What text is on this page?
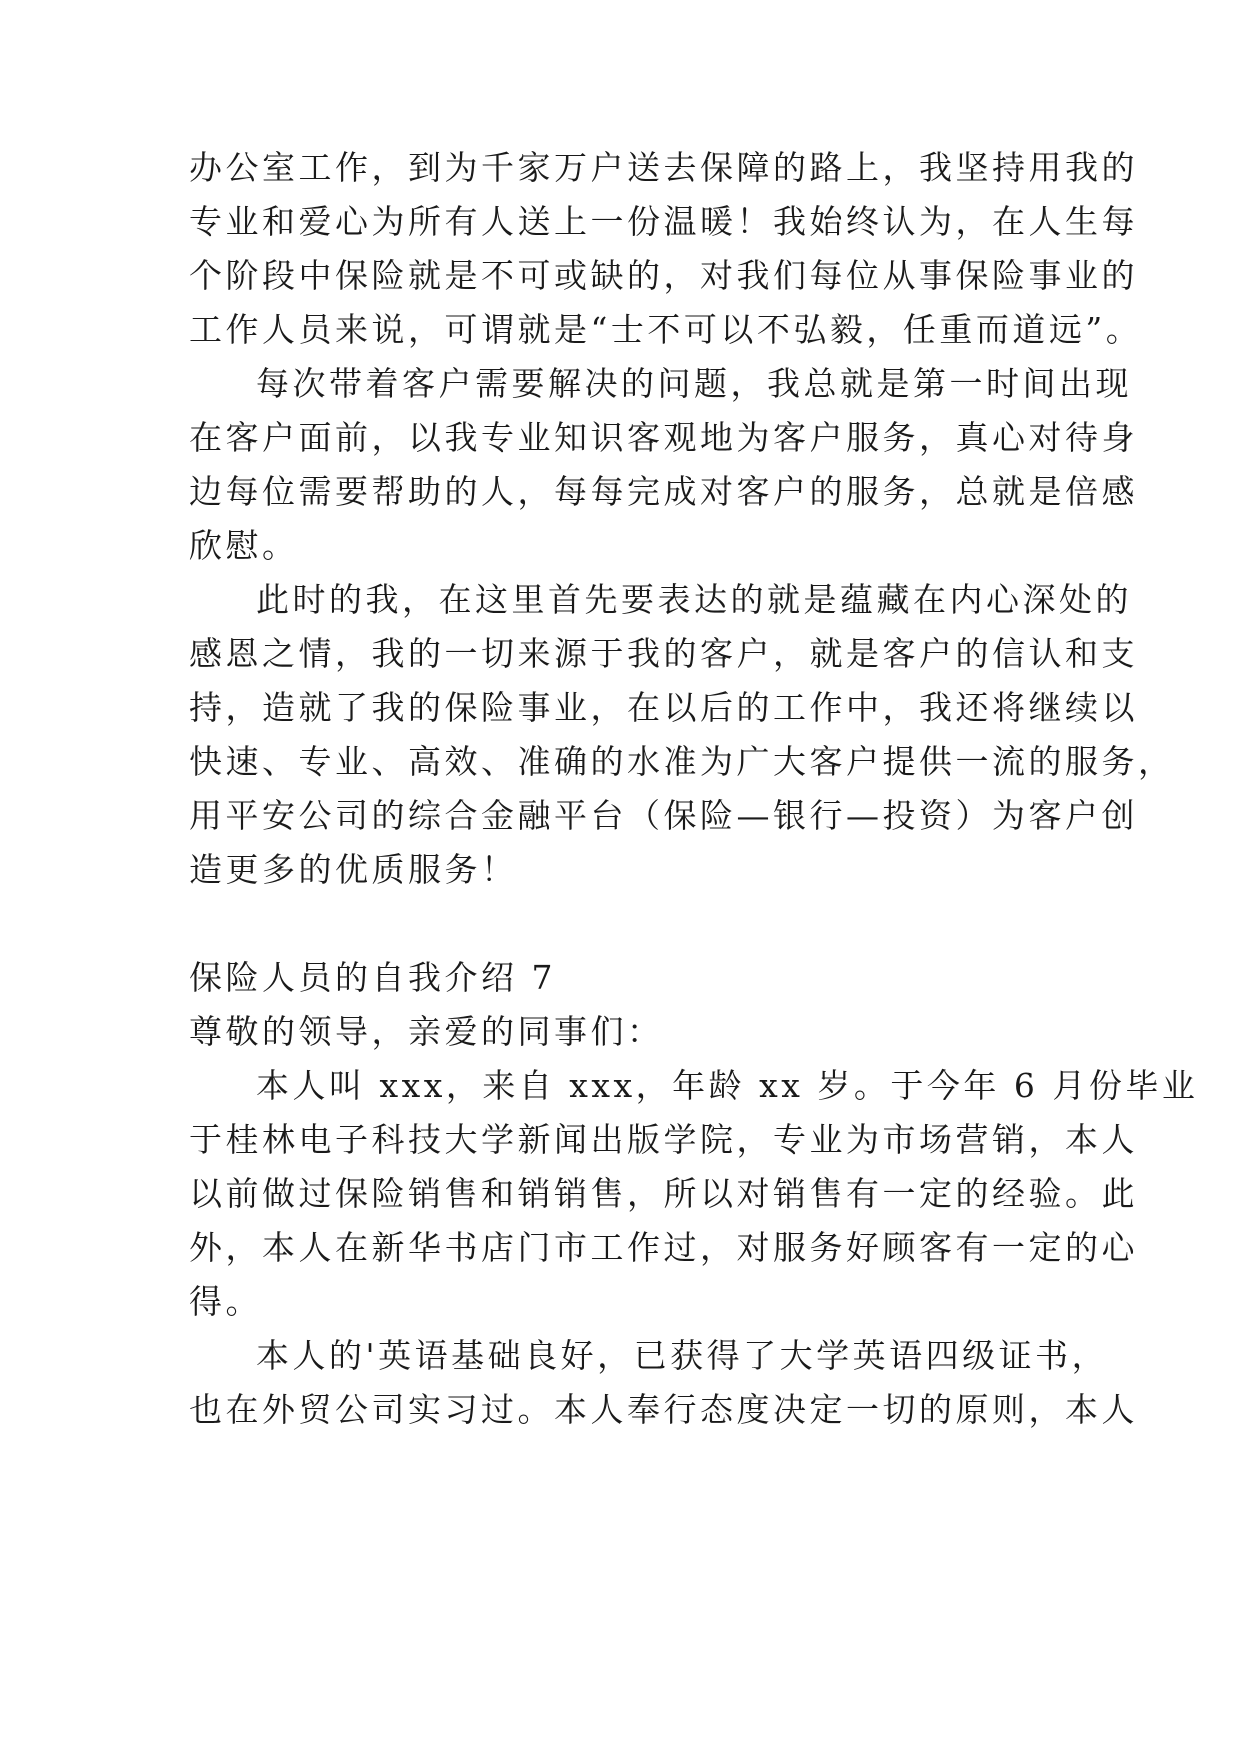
办公室工作，到为千家万户送去保障的路上，我坚持用我的
专业和爱心为所有人送上一份温暖！我始终认为，在人生每
个阶段中保险就是不可或缺的，对我们每位从事保险事业的
工作人员来说，可谓就是“士不可以不弘毅，任重而道远”。
每次带着客户需要解决的问题，我总就是第一时间出现
在客户面前，以我专业知识客观地为客户服务，真心对待身
边每位需要帮助的人，每每完成对客户的服务，总就是倍感
欣慰。
此时的我，在这里首先要表达的就是蕴藏在内心深处的
感恩之情，我的一切来源于我的客户，就是客户的信认和支
持，造就了我的保险事业，在以后的工作中，我还将继续以
快速、专业、高效、准确的水准为广大客户提供一流的服务，
用平安公司的综合金融平台（保险—银行—投资）为客户创
造更多的优质服务！
保险人员的自我介绍 7
尊敬的领导，亲爱的同事们：
本人叫 xxx，来自 xxx，年龄 xx 岁。于今年 6 月份毕业
于桂林电子科技大学新闻出版学院，专业为市场营销，本人
以前做过保险销售和销销售，所以对销售有一定的经验。此
外，本人在新华书店门市工作过，对服务好顾客有一定的心
得。
本人的'英语基础良好，已获得了大学英语四级证书，
也在外贸公司实习过。本人奉行态度决定一切的原则，本人
